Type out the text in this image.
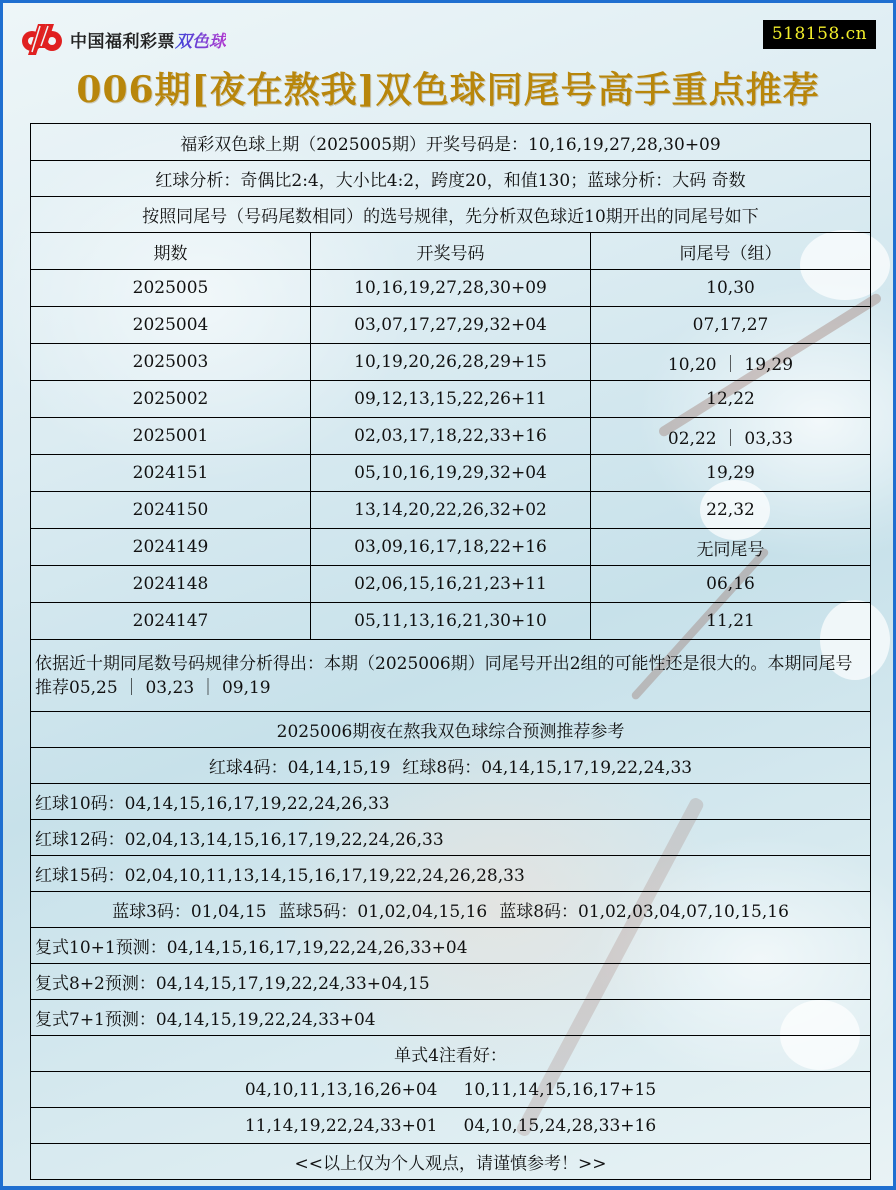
中国福利彩票 双色球	518158.cn
006期[夜在熬我]双色球同尾号高手重点推荐
福彩双色球上期（2025005期）开奖号码是：10,16,19,27,28,30+09
红球分析：奇偶比2:4，大小比4:2，跨度20，和值130；蓝球分析：大码 奇数
按照同尾号（号码尾数相同）的选号规律，先分析双色球近10期开出的同尾号如下
期数	开奖号码	同尾号（组）
2025005	10,16,19,27,28,30+09	10,30
2025004	03,07,17,27,29,32+04	07,17,27
2025003	10,19,20,26,28,29+15	10,20 ｜ 19,29
2025002	09,12,13,15,22,26+11	12,22
2025001	02,03,17,18,22,33+16	02,22 ｜ 03,33
2024151	05,10,16,19,29,32+04	19,29
2024150	13,14,20,22,26,32+02	22,32
2024149	03,09,16,17,18,22+16	无同尾号
2024148	02,06,15,16,21,23+11	06,16
2024147	05,11,13,16,21,30+10	11,21
依据近十期同尾数号码规律分析得出：本期（2025006期）同尾号开出2组的可能性还是很大的。本期同尾号推荐05,25 ｜ 03,23 ｜ 09,19
2025006期夜在熬我双色球综合预测推荐参考
红球4码：04,14,15,19 红球8码：04,14,15,17,19,22,24,33
红球10码：04,14,15,16,17,19,22,24,26,33
红球12码：02,04,13,14,15,16,17,19,22,24,26,33
红球15码：02,04,10,11,13,14,15,16,17,19,22,24,26,28,33
蓝球3码：01,04,15 蓝球5码：01,02,04,15,16 蓝球8码：01,02,03,04,07,10,15,16
复式10+1预测：04,14,15,16,17,19,22,24,26,33+04
复式8+2预测：04,14,15,17,19,22,24,33+04,15
复式7+1预测：04,14,15,19,22,24,33+04
单式4注看好：
04,10,11,13,16,26+04 10,11,14,15,16,17+15
11,14,19,22,24,33+01 04,10,15,24,28,33+16
<<以上仅为个人观点，请谨慎参考！>>
